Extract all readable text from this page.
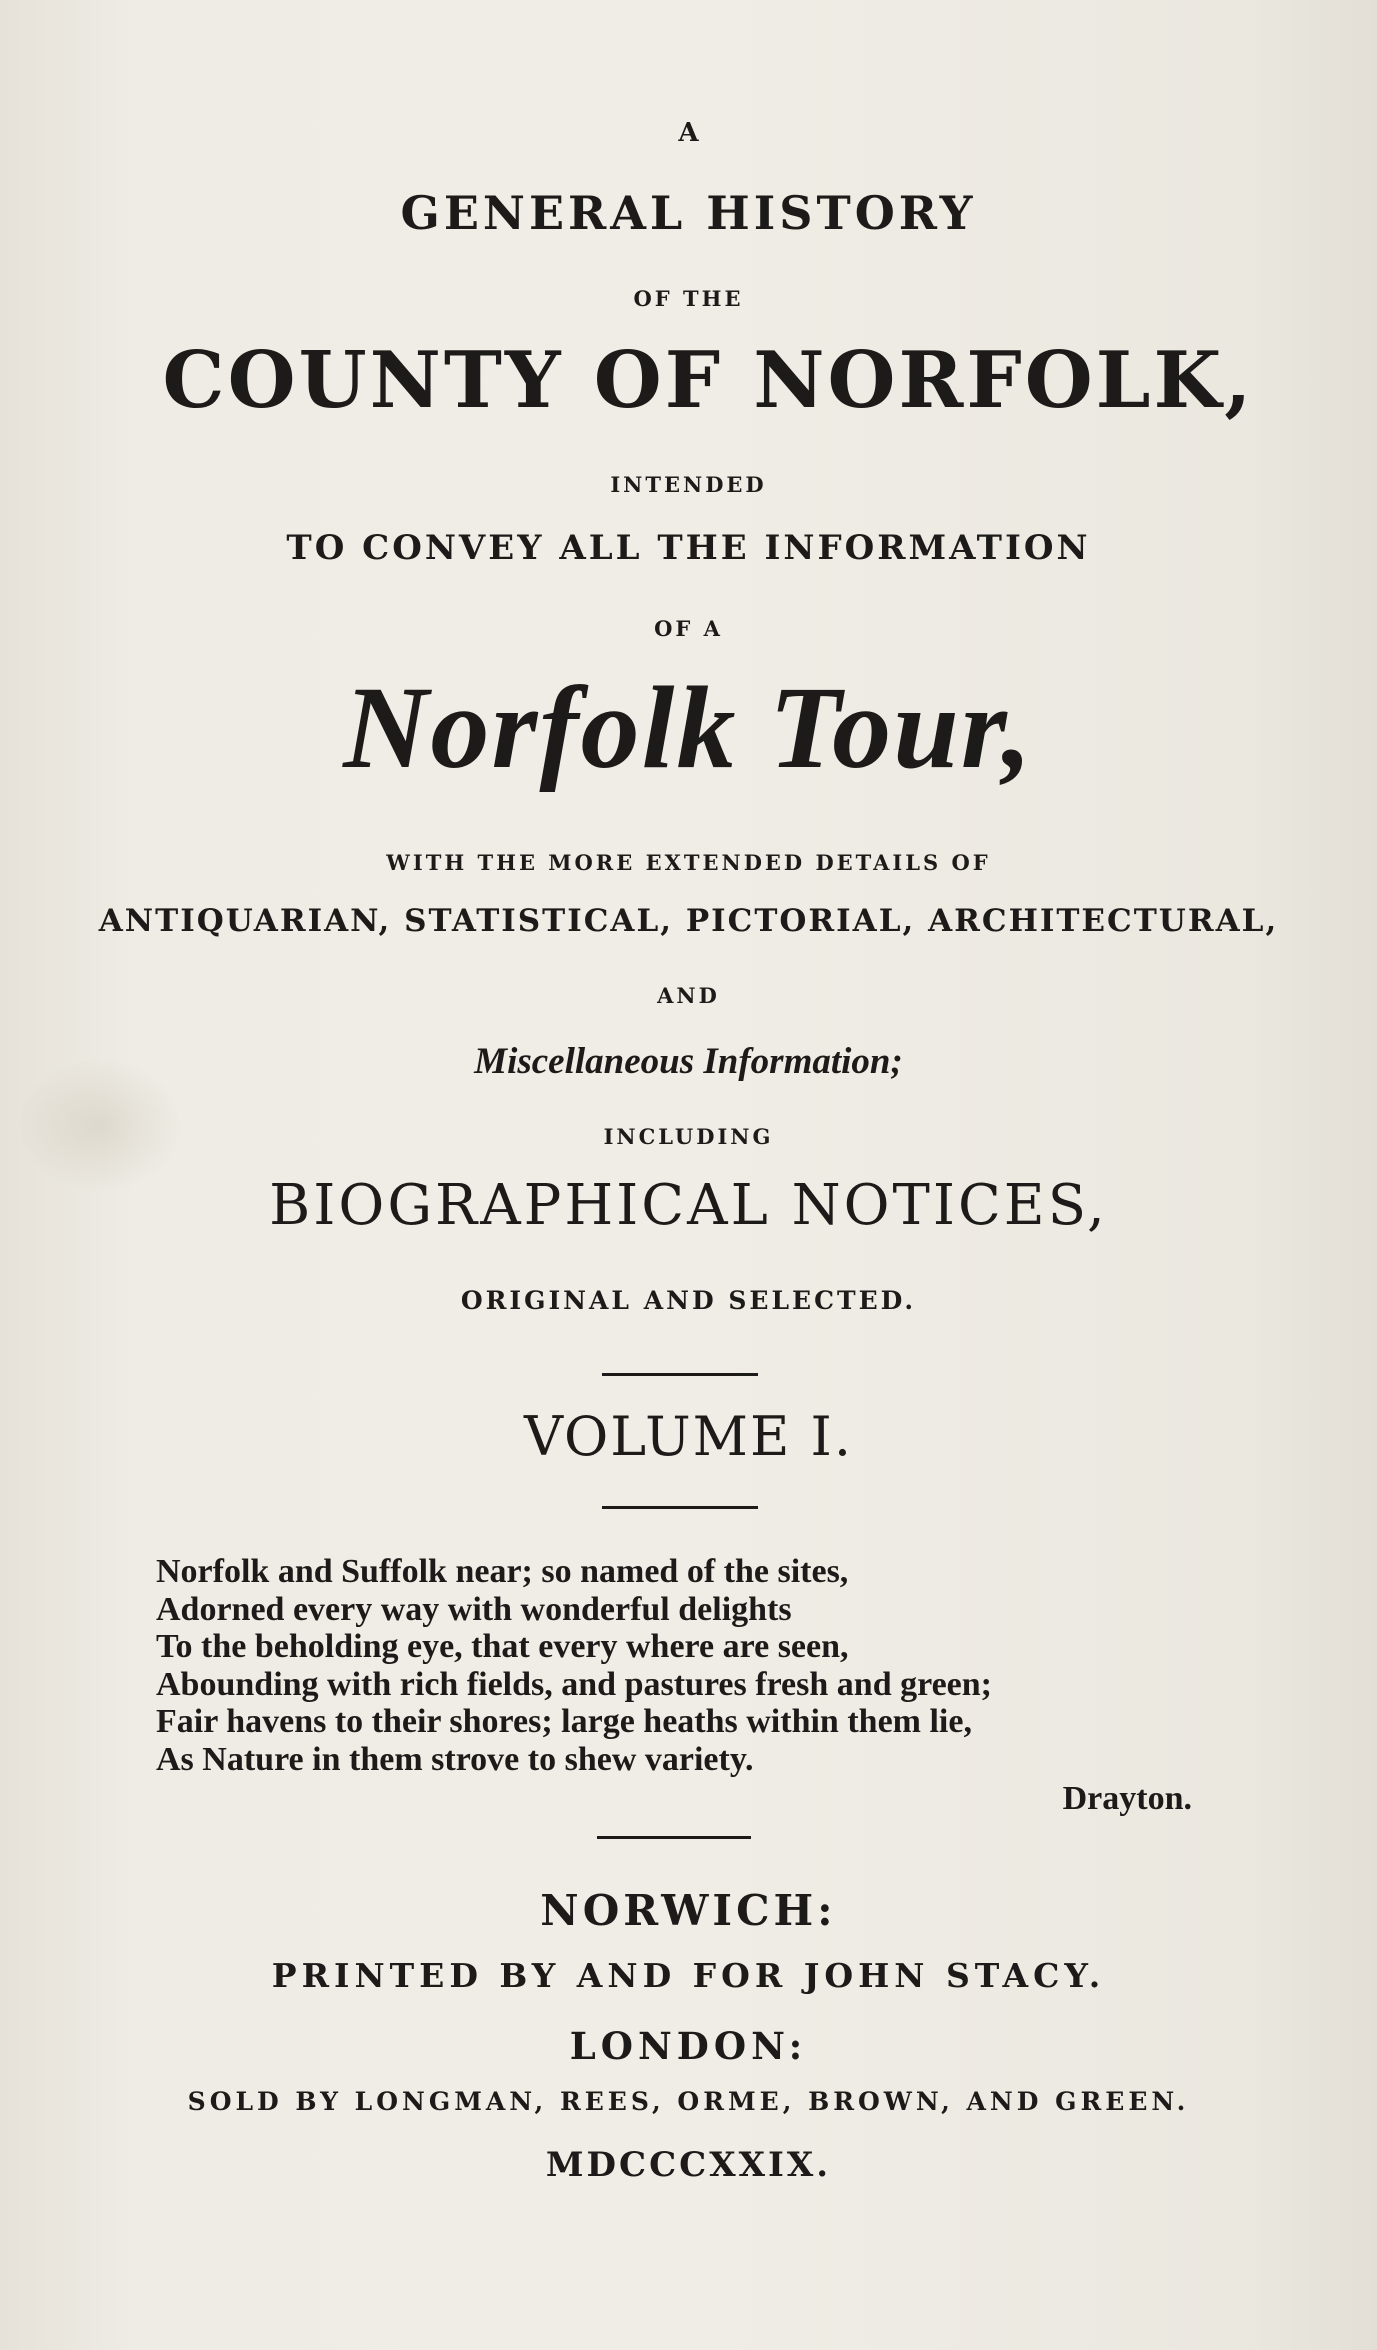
A
GENERAL HISTORY
OF THE
COUNTY OF NORFOLK,
INTENDED
TO CONVEY ALL THE INFORMATION
OF A
Norfolk Tour,
WITH THE MORE EXTENDED DETAILS OF
ANTIQUARIAN, STATISTICAL, PICTORIAL, ARCHITECTURAL,
AND
Miscellaneous Information;
INCLUDING
BIOGRAPHICAL NOTICES,
ORIGINAL AND SELECTED.
VOLUME I.
Norfolk and Suffolk near; so named of the sites,
Adorned every way with wonderful delights
To the beholding eye, that every where are seen,
Abounding with rich fields, and pastures fresh and green;
Fair havens to their shores; large heaths within them lie,
As Nature in them strove to shew variety.
Drayton.
NORWICH:
PRINTED BY AND FOR JOHN STACY.
LONDON:
SOLD BY LONGMAN, REES, ORME, BROWN, AND GREEN.
MDCCCXXIX.
